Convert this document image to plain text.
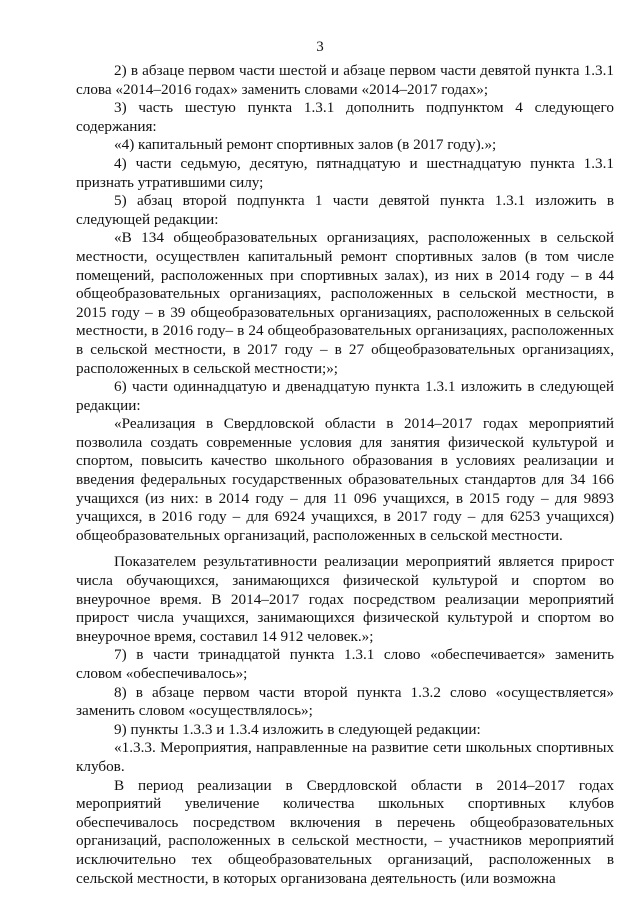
3

2) в абзаце первом части шестой и абзаце первом части девятой пункта 1.3.1 слова «2014–2016 годах» заменить словами «2014–2017 годах»;

3) часть шестую пункта 1.3.1 дополнить подпунктом 4 следующего содержания:

«4) капитальный ремонт спортивных залов (в 2017 году).»;

4) части седьмую, десятую, пятнадцатую и шестнадцатую пункта 1.3.1 признать утратившими силу;

5) абзац второй подпункта 1 части девятой пункта 1.3.1 изложить в следующей редакции:

«В 134 общеобразовательных организациях, расположенных в сельской местности, осуществлен капитальный ремонт спортивных залов (в том числе помещений, расположенных при спортивных залах), из них в 2014 году – в 44 общеобразовательных организациях, расположенных в сельской местности, в 2015 году – в 39 общеобразовательных организациях, расположенных в сельской местности, в 2016 году– в 24 общеобразовательных организациях, расположенных в сельской местности, в 2017 году – в 27 общеобразовательных организациях, расположенных в сельской местности;»;

6) части одиннадцатую и двенадцатую пункта 1.3.1 изложить в следующей редакции:

«Реализация в Свердловской области в 2014–2017 годах мероприятий позволила создать современные условия для занятия физической культурой и спортом, повысить качество школьного образования в условиях реализации и введения федеральных государственных образовательных стандартов для 34 166 учащихся (из них: в 2014 году – для 11 096 учащихся, в 2015 году – для 9893 учащихся, в 2016 году – для 6924 учащихся, в 2017 году – для 6253 учащихся) общеобразовательных организаций, расположенных в сельской местности.

Показателем результативности реализации мероприятий является прирост числа обучающихся, занимающихся физической культурой и спортом во внеурочное время. В 2014–2017 годах посредством реализации мероприятий прирост числа учащихся, занимающихся физической культурой и спортом во внеурочное время, составил 14 912 человек.»;

7) в части тринадцатой пункта 1.3.1 слово «обеспечивается» заменить словом «обеспечивалось»;

8) в абзаце первом части второй пункта 1.3.2 слово «осуществляется» заменить словом «осуществлялось»;

9) пункты 1.3.3 и 1.3.4 изложить в следующей редакции:

«1.3.3. Мероприятия, направленные на развитие сети школьных спортивных клубов.

В период реализации в Свердловской области в 2014–2017 годах мероприятий увеличение количества школьных спортивных клубов обеспечивалось посредством включения в перечень общеобразовательных организаций, расположенных в сельской местности, – участников мероприятий исключительно тех общеобразовательных организаций, расположенных в сельской местности, в которых организована деятельность (или возможна
